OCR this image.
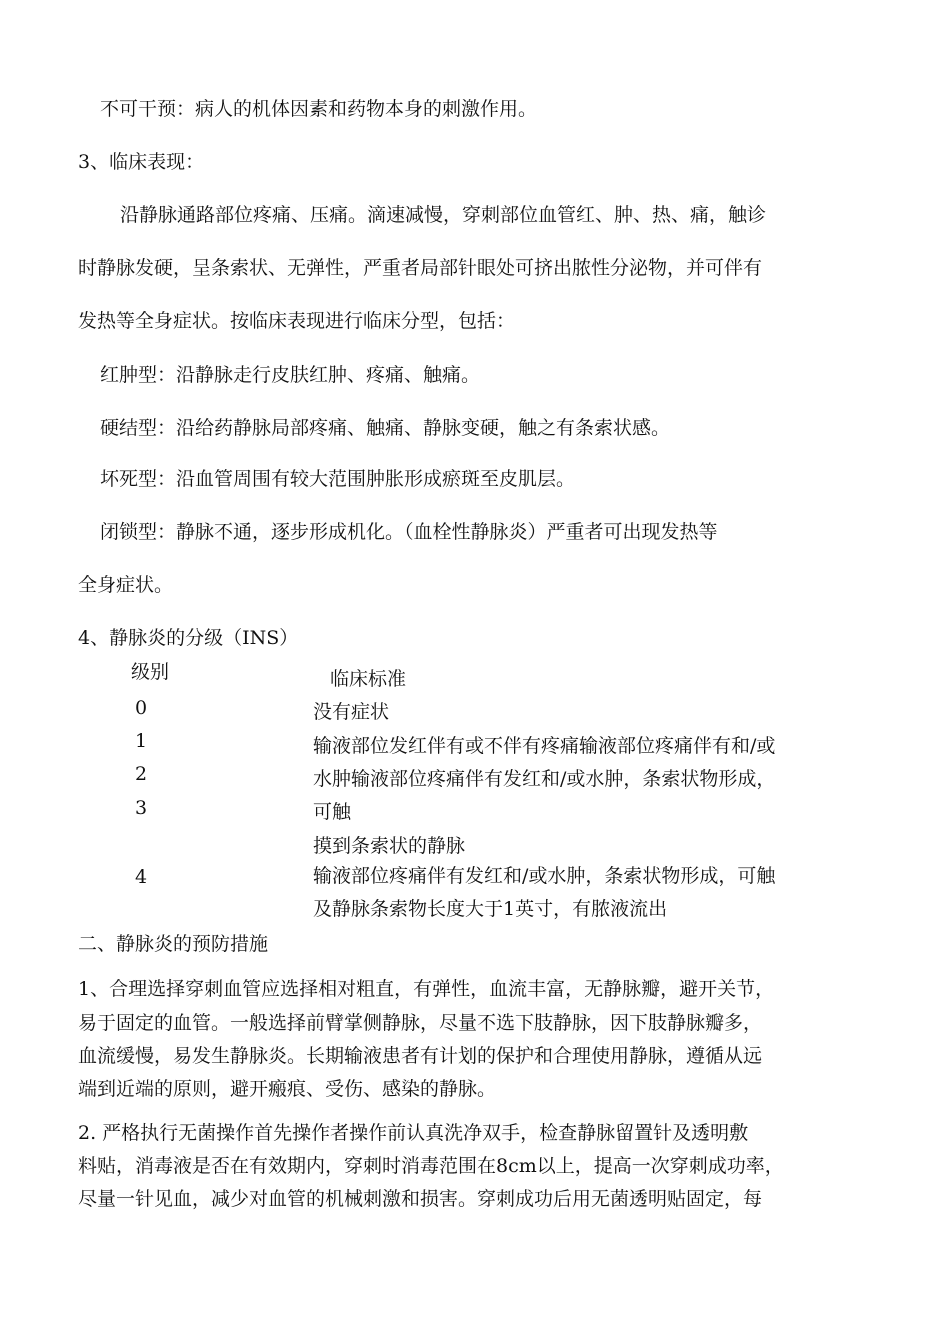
不可干预：病人的机体因素和药物本身的刺激作用。
3、临床表现：
沿静脉通路部位疼痛、压痛。滴速减慢，穿刺部位血管红、肿、热、痛，触诊
时静脉发硬，呈条索状、无弹性，严重者局部针眼处可挤出脓性分泌物，并可伴有
发热等全身症状。按临床表现进行临床分型，包括：
红肿型：沿静脉走行皮肤红肿、疼痛、触痛。
硬结型：沿给药静脉局部疼痛、触痛、静脉变硬，触之有条索状感。
坏死型：沿血管周围有较大范围肿胀形成瘀斑至皮肌层。
闭锁型：静脉不通，逐步形成机化。（血栓性静脉炎）严重者可出现发热等
全身症状。
4、静脉炎的分级（INS）
级别	临床标准
0
1
2
3
4
没有症状
输液部位发红伴有或不伴有疼痛输液部位疼痛伴有和/或
水肿输液部位疼痛伴有发红和/或水肿，条索状物形成，
可触
摸到条索状的静脉
输液部位疼痛伴有发红和/或水肿，条索状物形成，可触
及静脉条索物长度大于1英寸，有脓液流出
二、静脉炎的预防措施
1、合理选择穿刺血管应选择相对粗直，有弹性，血流丰富，无静脉瓣，避开关节，
易于固定的血管。一般选择前臂掌侧静脉，尽量不选下肢静脉，因下肢静脉瓣多，
血流缓慢，易发生静脉炎。长期输液患者有计划的保护和合理使用静脉，遵循从远
端到近端的原则，避开瘢痕、受伤、感染的静脉。
2. 严格执行无菌操作首先操作者操作前认真洗净双手，检查静脉留置针及透明敷
料贴，消毒液是否在有效期内，穿刺时消毒范围在8cm以上，提高一次穿刺成功率，
尽量一针见血，减少对血管的机械刺激和损害。穿刺成功后用无菌透明贴固定，每
